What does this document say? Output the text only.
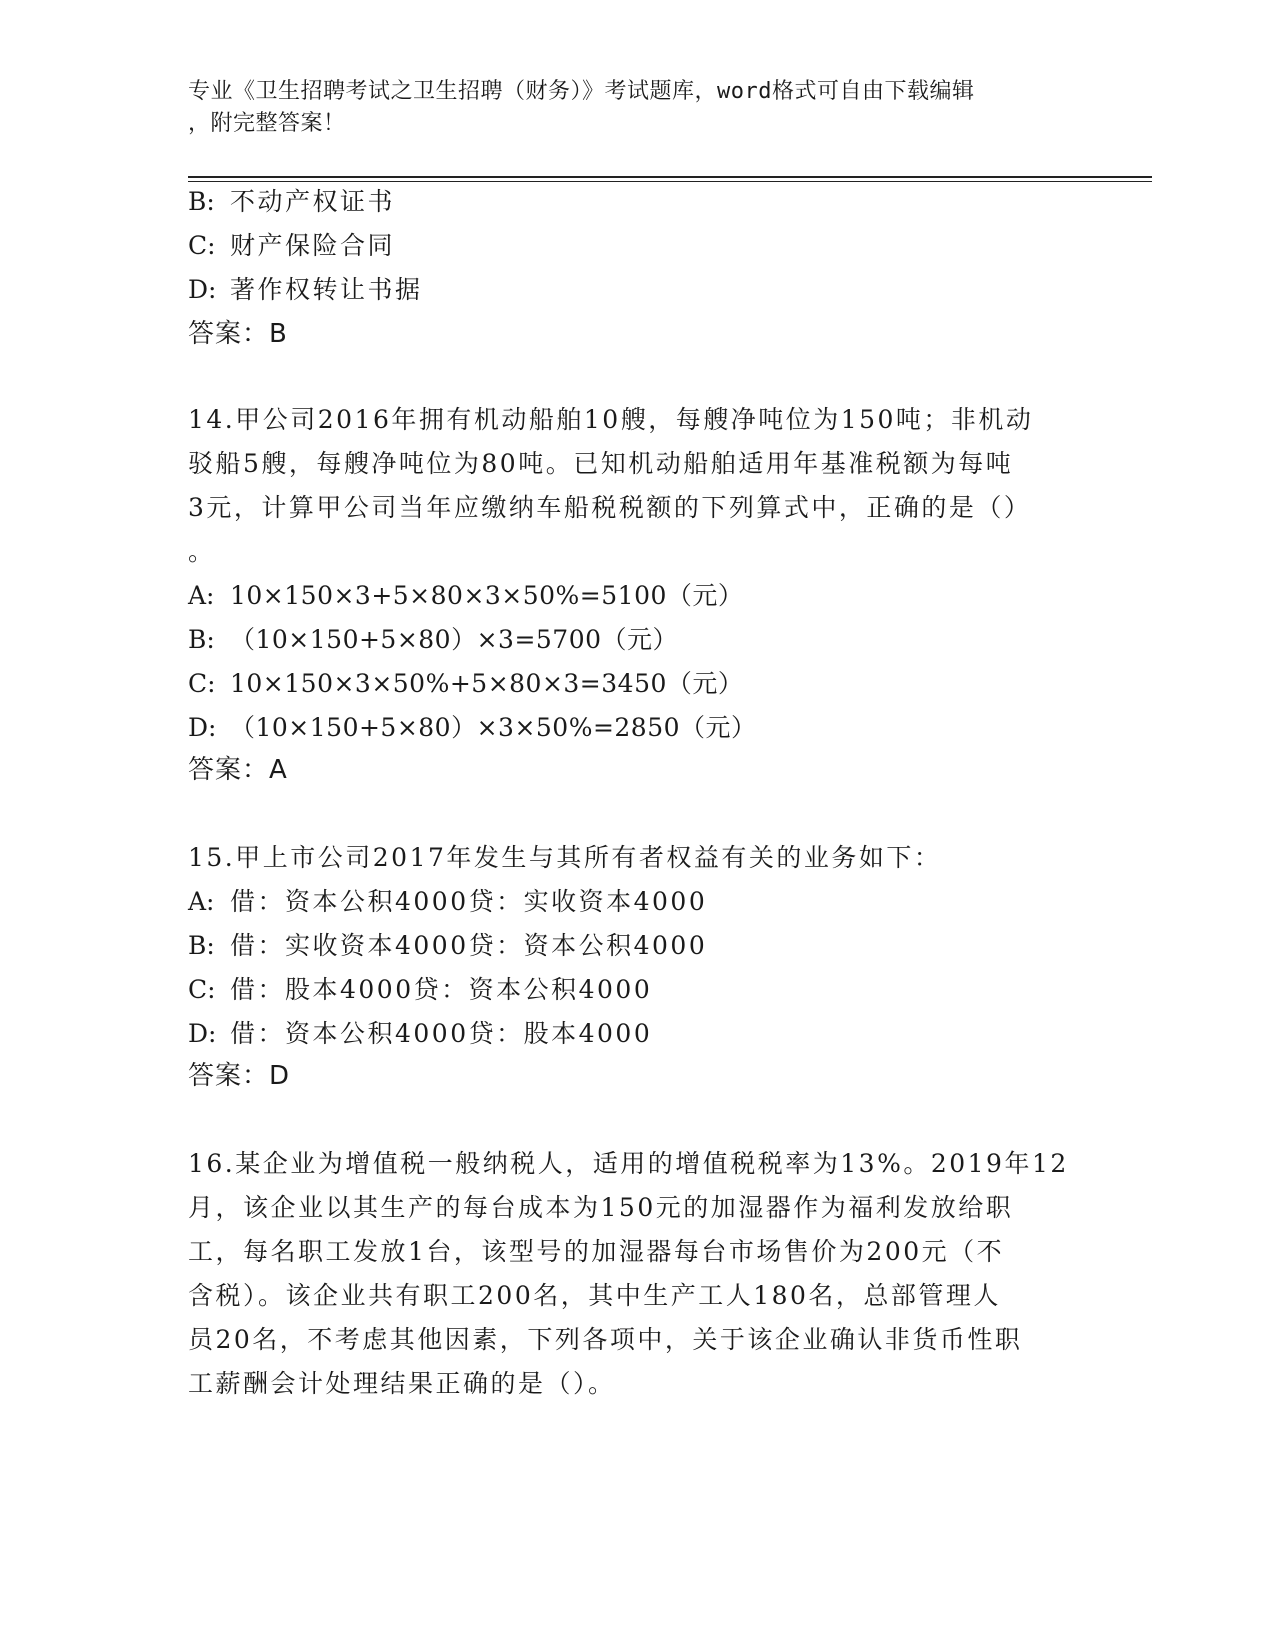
专业《卫生招聘考试之卫生招聘（财务）》考试题库，word格式可自由下载编辑
，附完整答案！
B: 不动产权证书
C: 财产保险合同
D: 著作权转让书据
答案：B
14.甲公司2016年拥有机动船舶10艘，每艘净吨位为150吨；非机动
驳船5艘，每艘净吨位为80吨。已知机动船舶适用年基准税额为每吨
3元，计算甲公司当年应缴纳车船税税额的下列算式中，正确的是（）
。
A: 10×150×3+5×80×3×50%=5100（元）
B: （10×150+5×80）×3=5700（元）
C: 10×150×3×50%+5×80×3=3450（元）
D: （10×150+5×80）×3×50%=2850（元）
答案：A
15.甲上市公司2017年发生与其所有者权益有关的业务如下：
A: 借：资本公积4000贷：实收资本4000
B: 借：实收资本4000贷：资本公积4000
C: 借：股本4000贷：资本公积4000
D: 借：资本公积4000贷：股本4000
答案：D
16.某企业为增值税一般纳税人，适用的增值税税率为13%。2019年12
月，该企业以其生产的每台成本为150元的加湿器作为福利发放给职
工，每名职工发放1台，该型号的加湿器每台市场售价为200元（不
含税）。该企业共有职工200名，其中生产工人180名，总部管理人
员20名，不考虑其他因素，下列各项中，关于该企业确认非货币性职
工薪酬会计处理结果正确的是（）。
